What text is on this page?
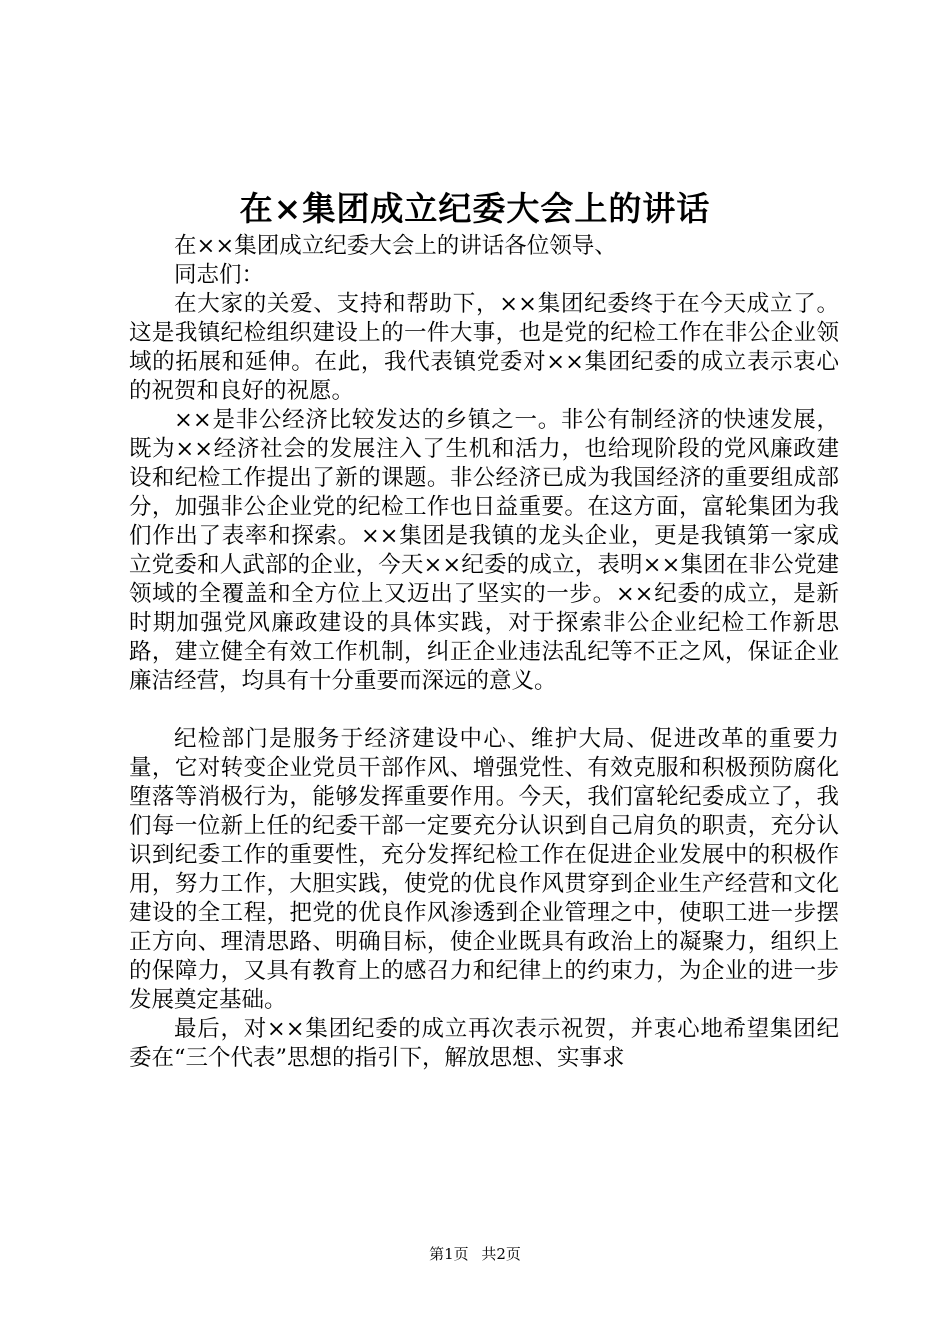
在×集团成立纪委大会上的讲话

在××集团成立纪委大会上的讲话各位领导、

同志们：

在大家的关爱、支持和帮助下，××集团纪委终于在今天成立了。这是我镇纪检组织建设上的一件大事，也是党的纪检工作在非公企业领域的拓展和延伸。在此，我代表镇党委对××集团纪委的成立表示衷心的祝贺和良好的祝愿。

××是非公经济比较发达的乡镇之一。非公有制经济的快速发展，既为××经济社会的发展注入了生机和活力，也给现阶段的党风廉政建设和纪检工作提出了新的课题。非公经济已成为我国经济的重要组成部分，加强非公企业党的纪检工作也日益重要。在这方面，富轮集团为我们作出了表率和探索。××集团是我镇的龙头企业，更是我镇第一家成立党委和人武部的企业，今天××纪委的成立，表明××集团在非公党建领域的全覆盖和全方位上又迈出了坚实的一步。××纪委的成立，是新时期加强党风廉政建设的具体实践，对于探索非公企业纪检工作新思路，建立健全有效工作机制，纠正企业违法乱纪等不正之风，保证企业廉洁经营，均具有十分重要而深远的意义。

纪检部门是服务于经济建设中心、维护大局、促进改革的重要力量，它对转变企业党员干部作风、增强党性、有效克服和积极预防腐化堕落等消极行为，能够发挥重要作用。今天，我们富轮纪委成立了，我们每一位新上任的纪委干部一定要充分认识到自己肩负的职责，充分认识到纪委工作的重要性，充分发挥纪检工作在促进企业发展中的积极作用，努力工作，大胆实践，使党的优良作风贯穿到企业生产经营和文化建设的全工程，把党的优良作风渗透到企业管理之中，使职工进一步摆正方向、理清思路、明确目标，使企业既具有政治上的凝聚力，组织上的保障力，又具有教育上的感召力和纪律上的约束力，为企业的进一步发展奠定基础。

最后，对××集团纪委的成立再次表示祝贺，并衷心地希望集团纪委在“三个代表”思想的指引下，解放思想、实事求

第1页 共2页
